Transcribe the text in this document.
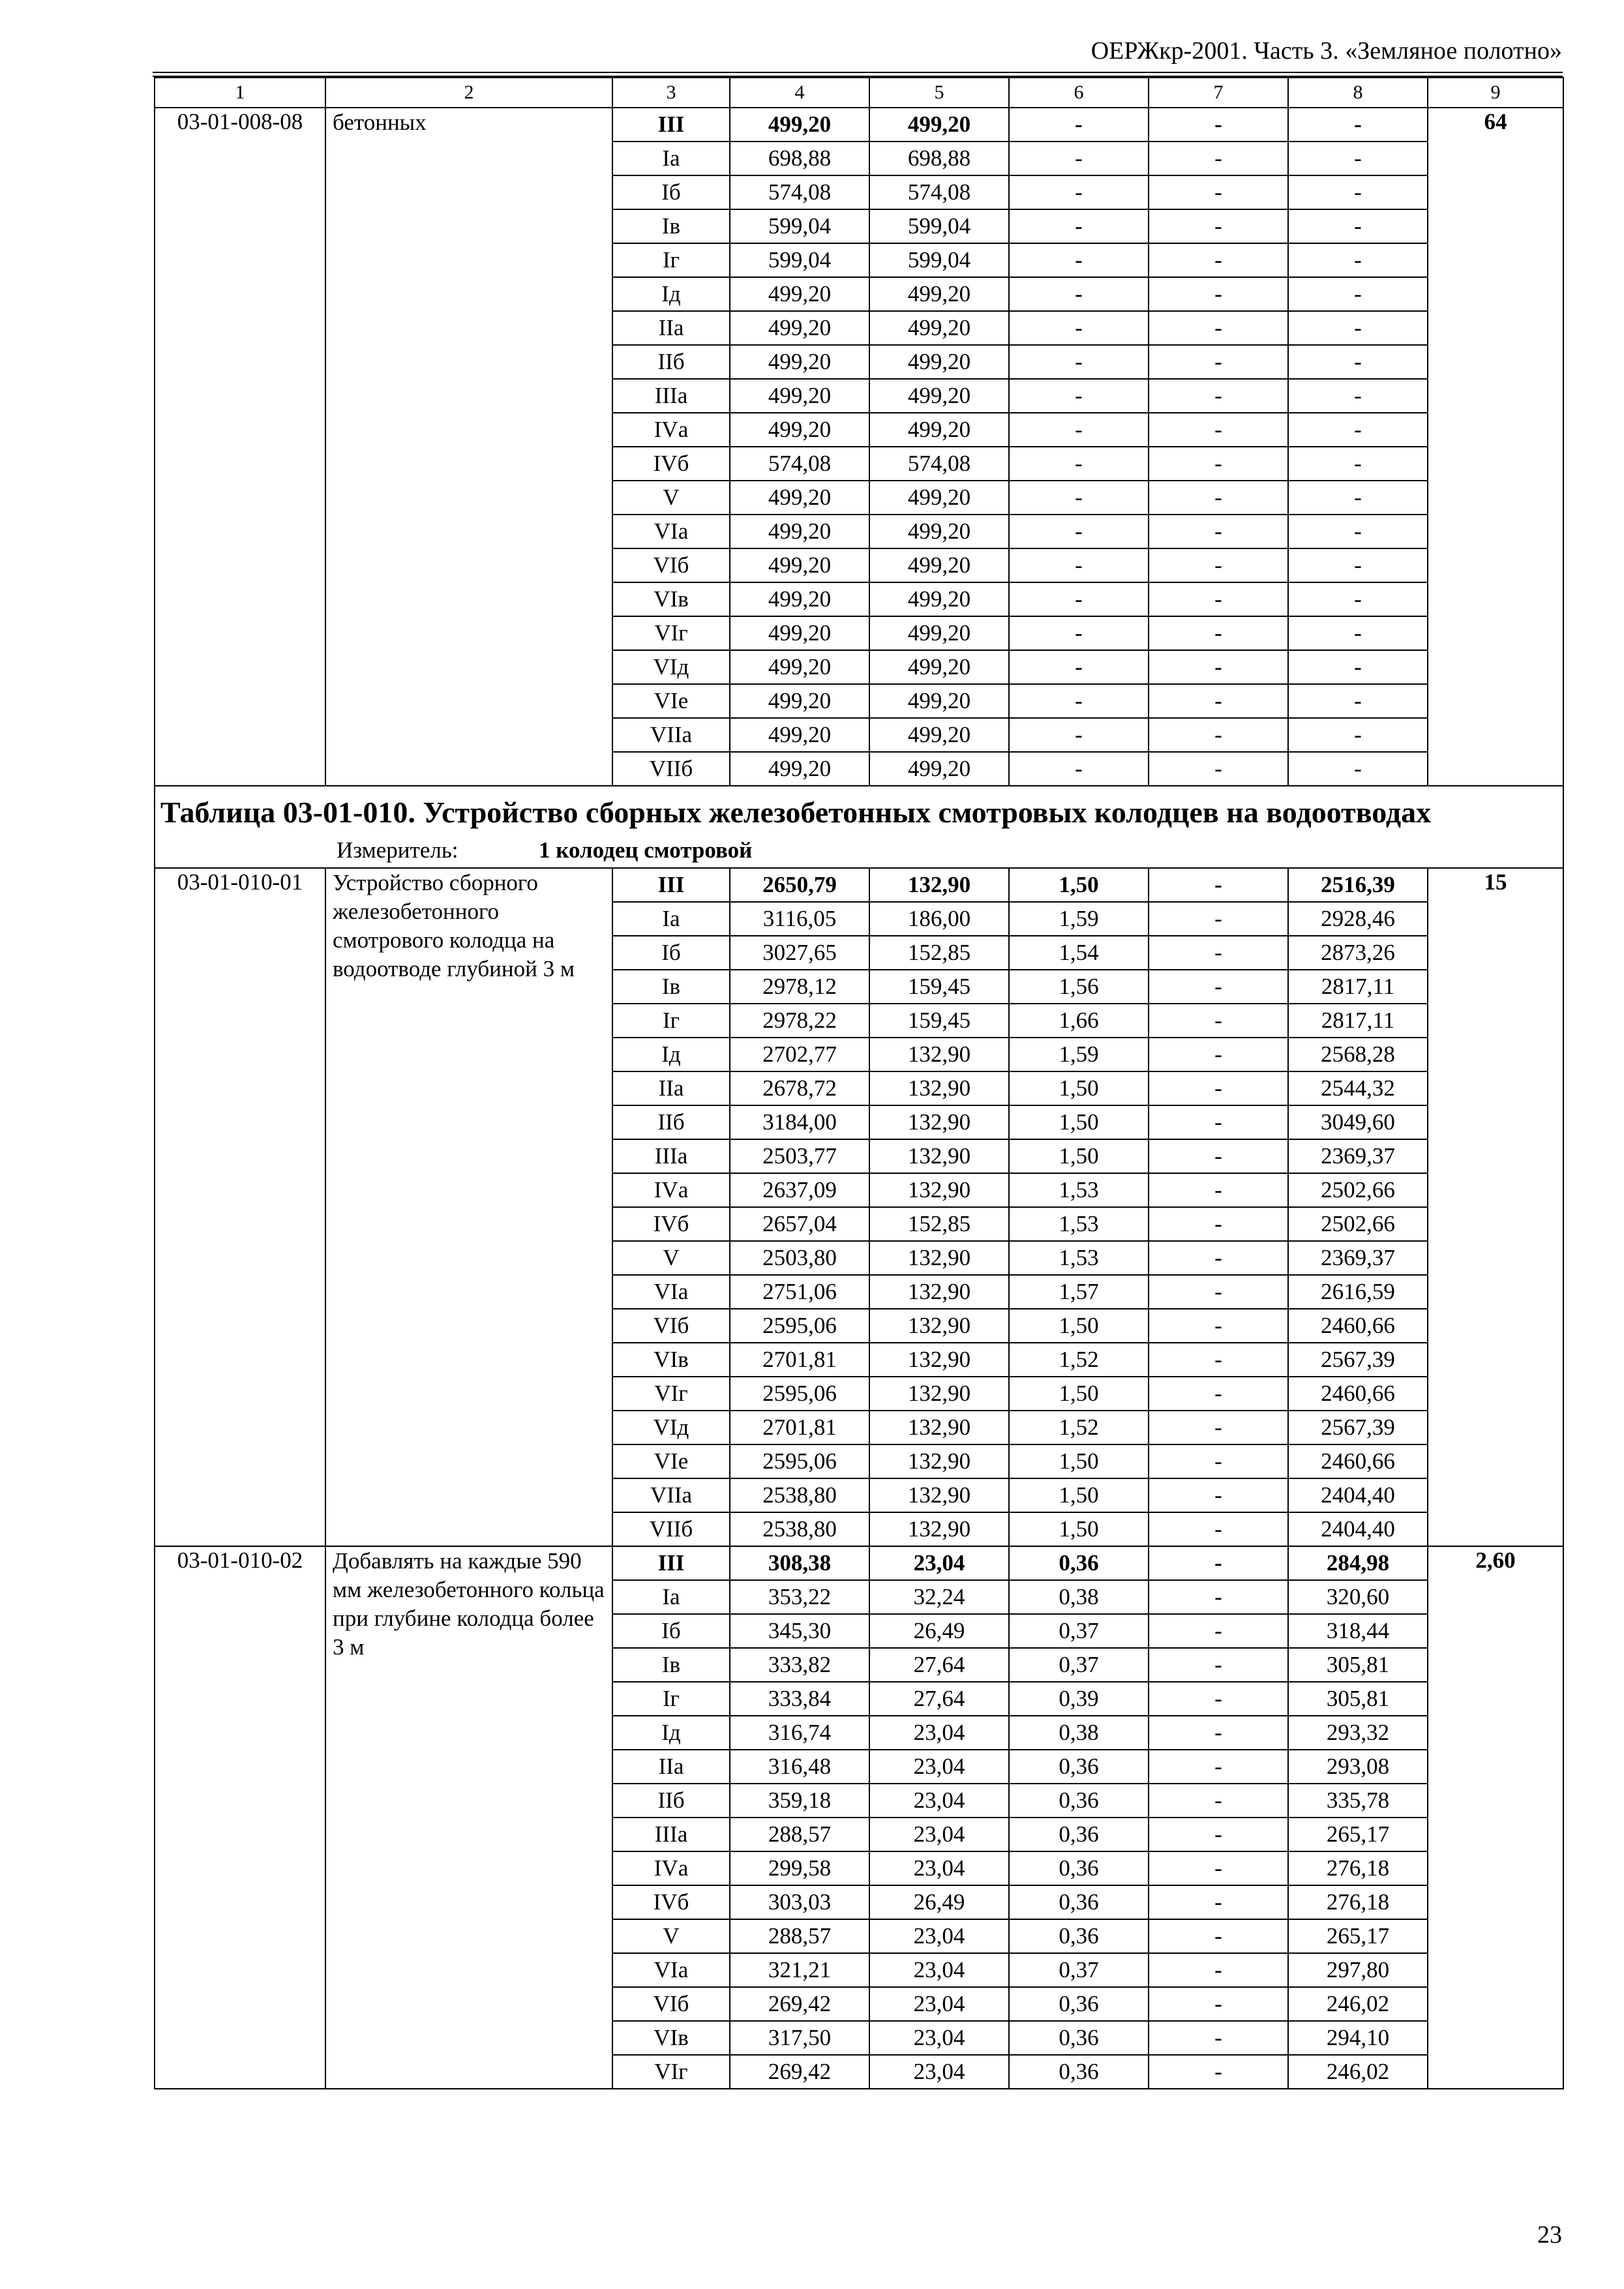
ОЕРЖкр-2001. Часть 3. «Земляное полотно»
1	2	3	4	5	6	7	8	9
03-01-008-08	бетонных	III	499,20	499,20	-	-	-	64
		Iа	698,88	698,88	-	-	-	
		Iб	574,08	574,08	-	-	-	
		Iв	599,04	599,04	-	-	-	
		Iг	599,04	599,04	-	-	-	
		Iд	499,20	499,20	-	-	-	
		IIа	499,20	499,20	-	-	-	
		IIб	499,20	499,20	-	-	-	
		IIIа	499,20	499,20	-	-	-	
		IVа	499,20	499,20	-	-	-	
		IVб	574,08	574,08	-	-	-	
		V	499,20	499,20	-	-	-	
		VIа	499,20	499,20	-	-	-	
		VIб	499,20	499,20	-	-	-	
		VIв	499,20	499,20	-	-	-	
		VIг	499,20	499,20	-	-	-	
		VIд	499,20	499,20	-	-	-	
		VIе	499,20	499,20	-	-	-	
		VIIа	499,20	499,20	-	-	-	
		VIIб	499,20	499,20	-	-	-	

Таблица 03-01-010. Устройство сборных железобетонных смотровых колодцев на водоотводах
Измеритель: 1 колодец смотровой								

03-01-010-01	Устройство сборного железобетонного смотрового колодца на водоотводе глубиной 3 м	III	2650,79	132,90	1,50	-	2516,39	15
		Iа	3116,05	186,00	1,59	-	2928,46	
		Iб	3027,65	152,85	1,54	-	2873,26	
		Iв	2978,12	159,45	1,56	-	2817,11	
		Iг	2978,22	159,45	1,66	-	2817,11	
		Iд	2702,77	132,90	1,59	-	2568,28	
		IIа	2678,72	132,90	1,50	-	2544,32	
		IIб	3184,00	132,90	1,50	-	3049,60	
		IIIа	2503,77	132,90	1,50	-	2369,37	
		IVа	2637,09	132,90	1,53	-	2502,66	
		IVб	2657,04	152,85	1,53	-	2502,66	
		V	2503,80	132,90	1,53	-	2369,37	
		VIа	2751,06	132,90	1,57	-	2616,59	
		VIб	2595,06	132,90	1,50	-	2460,66	
		VIв	2701,81	132,90	1,52	-	2567,39	
		VIг	2595,06	132,90	1,50	-	2460,66	
		VIд	2701,81	132,90	1,52	-	2567,39	
		VIе	2595,06	132,90	1,50	-	2460,66	
		VIIа	2538,80	132,90	1,50	-	2404,40	
		VIIб	2538,80	132,90	1,50	-	2404,40	
03-01-010-02	Добавлять на каждые 590 мм железобетонного кольца при глубине колодца более 3 м	III	308,38	23,04	0,36	-	284,98	2,60
		Iа	353,22	32,24	0,38	-	320,60	
		Iб	345,30	26,49	0,37	-	318,44	
		Iв	333,82	27,64	0,37	-	305,81	
		Iг	333,84	27,64	0,39	-	305,81	
		Iд	316,74	23,04	0,38	-	293,32	
		IIа	316,48	23,04	0,36	-	293,08	
		IIб	359,18	23,04	0,36	-	335,78	
		IIIа	288,57	23,04	0,36	-	265,17	
		IVа	299,58	23,04	0,36	-	276,18	
		IVб	303,03	26,49	0,36	-	276,18	
		V	288,57	23,04	0,36	-	265,17	
		VIа	321,21	23,04	0,37	-	297,80	
		VIб	269,42	23,04	0,36	-	246,02	
		VIв	317,50	23,04	0,36	-	294,10	
		VIг	269,42	23,04	0,36	-	246,02	
23
